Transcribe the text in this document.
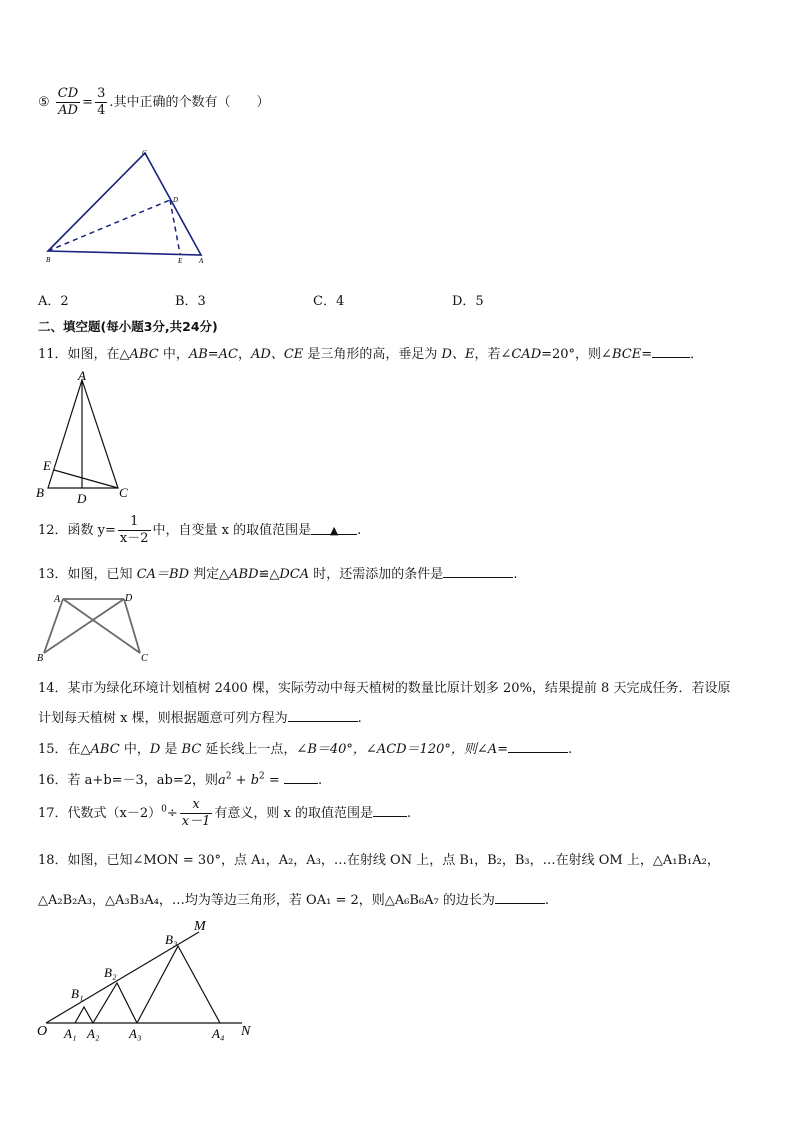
⑤ $\frac{CD}{AD} = \frac{3}{4}$ .其中正确的个数有（　　）
C
D
B	E A
A．2	B．3	C．4	D．5
二、填空题(每小题3分,共24分)
11．如图，在△ABC 中，AB=AC，AD、CE 是三角形的高，垂足为 D、E，若∠CAD=20°，则∠BCE=	．
A
E
B	D	C
12．函数 $y= \frac{1}{x-2}$ 中，自变量 x 的取值范围是 ▲ .
13．如图，已知 CA＝BD 判定△ABD≌△DCA 时，还需添加的条件是	.
A	D
B	C
14．某市为绿化环境计划植树 2400 棵，实际劳动中每天植树的数量比原计划多 20%，结果提前 8 天完成任务．若设原
计划每天植树 x 棵，则根据题意可列方程为	.
15．在△ABC 中，D 是 BC 延长线上一点，∠B＝40°，∠ACD＝120°，则∠A=	.
16．若 a+b=－3，ab=2，则$a^2 + b^2$ =	.
17．代数式$(x-2)^0\div \frac{x}{x-1}$ 有意义，则 x 的取值范围是	.
18．如图，已知∠MON = 30°，点 A₁，A₂，A₃，…在射线 ON 上，点 B₁，B₂，B₃，…在射线 OM 上，△A₁B₁A₂，
△A₂B₂A₃，△A₃B₃A₄，…均为等边三角形，若 OA₁ = 2，则△A₆B₆A₇ 的边长为	.
O	N
M
A₁ A₂ A₃	A₄
B₁
B₂
B₃
